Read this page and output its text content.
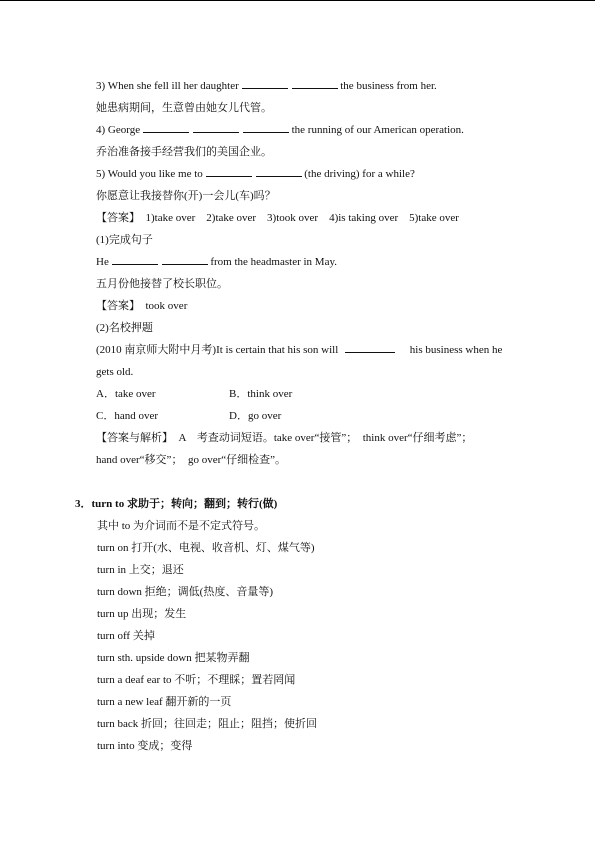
3) When she fell ill her daughter	the business from her.
她患病期间，生意曾由她女儿代管。
4) George	the running of our American operation.
乔治准备接手经营我们的美国企业。
5) Would you like me to	(the driving) for a while?
你愿意让我接替你(开)一会儿(车)吗？
【答案】　1)take over　2)take over　3)took over　4)is taking over　5)take over
(1)完成句子
He	from the headmaster in May.
五月份他接替了校长职位。
【答案】　took over
(2)名校押题
(2010 南京师大附中月考)It is certain that his son will	his business when he
gets old.
A．take over	B．think over
C．hand over	D．go over
【答案与解析】　A　考查动词短语。take over“接管”；　think over“仔细考虑”；
hand over“移交”；　go over“仔细检查”。
3．turn to 求助于；转向；翻到；转行(做)
其中 to 为介词而不是不定式符号。
turn on 打开(水、电视、收音机、灯、煤气等)
turn in 上交；退还
turn down 拒绝；调低(热度、音量等)
turn up 出现；发生
turn off 关掉
turn sth. upside down 把某物弄翻
turn a deaf ear to 不听；不理睬；置若罔闻
turn a new leaf 翻开新的一页
turn back 折回；往回走；阻止；阻挡；使折回
turn into 变成；变得
